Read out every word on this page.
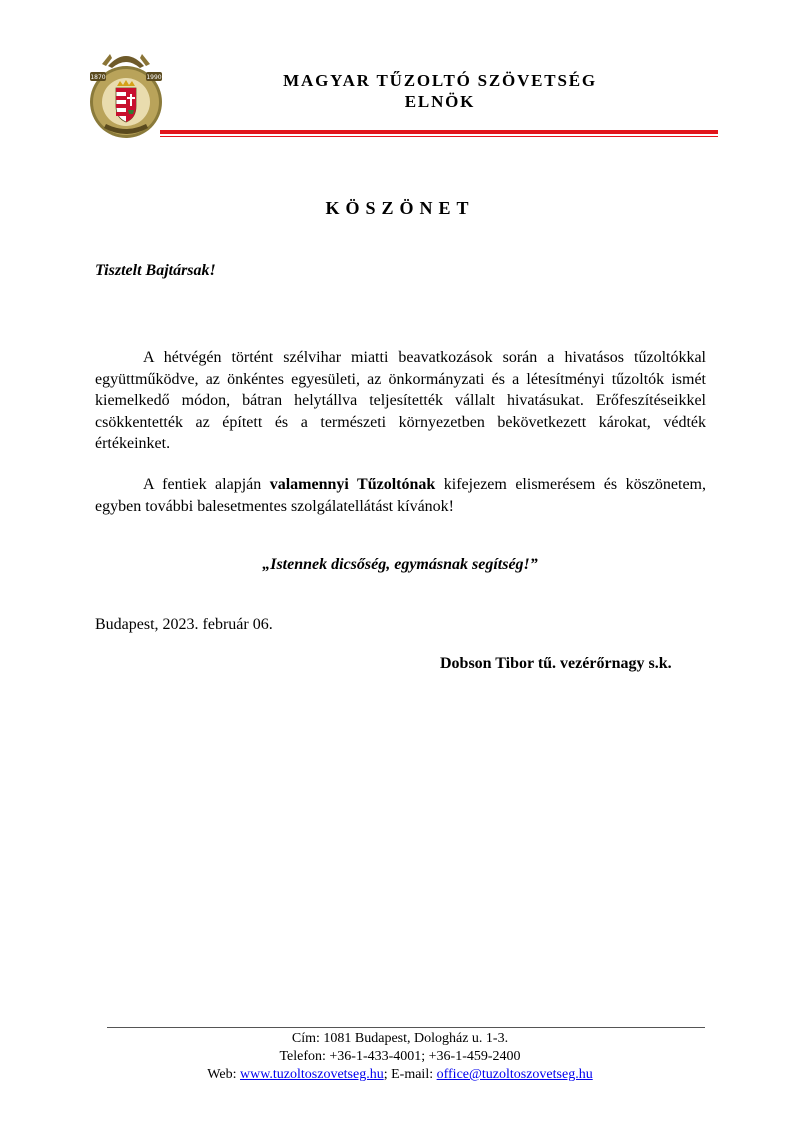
1870	1990	MAGYAR TŰZOLTÓ SZÖVETSÉG
ELNÖK
KÖSZÖNET
Tisztelt Bajtársak!

A hétvégén történt szélvihar miatti beavatkozások során a hivatásos tűzoltókkal együttműködve, az önkéntes egyesületi, az önkormányzati és a létesítményi tűzoltók ismét kiemelkedő módon, bátran helytállva teljesítették vállalt hivatásukat. Erőfeszítéseikkel csökkentették az épített és a természeti környezetben bekövetkezett károkat, védték értékeinket.

A fentiek alapján valamennyi Tűzoltónak kifejezem elismerésem és köszönetem, egyben további balesetmentes szolgálatellátást kívánok!

„Istennek dicsőség, egymásnak segítség!”
Budapest, 2023. február 06.
Dobson Tibor tű. vezérőrnagy s.k.
Cím: 1081 Budapest, Dologház u. 1-3.
Telefon: +36-1-433-4001; +36-1-459-2400
Web: www.tuzoltoszovetseg.hu; E-mail: office@tuzoltoszovetseg.hu
